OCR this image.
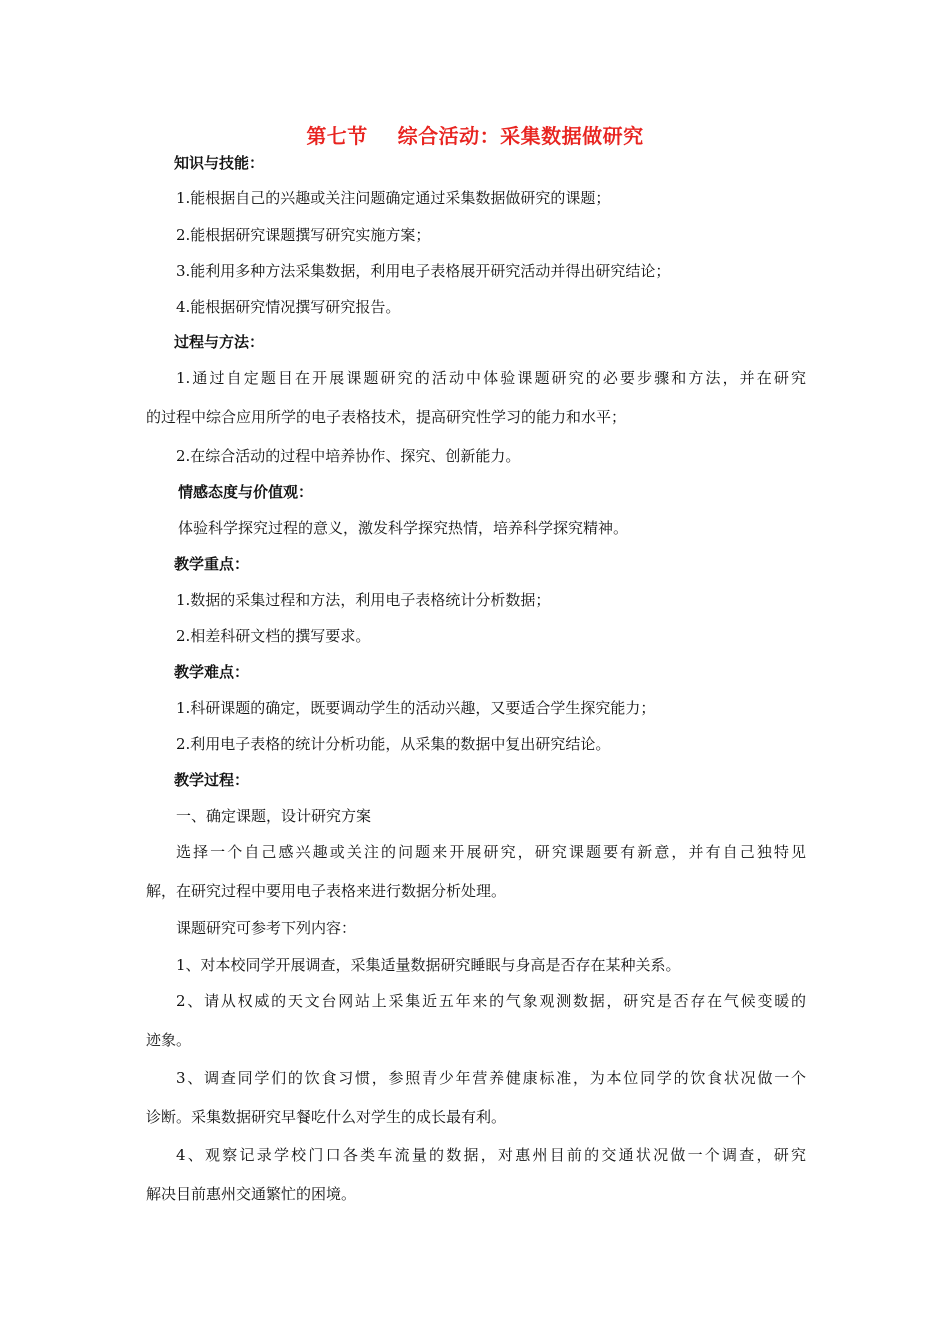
第七节    综合活动：采集数据做研究
知识与技能：
1.能根据自己的兴趣或关注问题确定通过采集数据做研究的课题；
2.能根据研究课题撰写研究实施方案；
3.能利用多种方法采集数据，利用电子表格展开研究活动并得出研究结论；
4.能根据研究情况撰写研究报告。
过程与方法：
1.通过自定题目在开展课题研究的活动中体验课题研究的必要步骤和方法，并在研究
的过程中综合应用所学的电子表格技术，提高研究性学习的能力和水平；
2.在综合活动的过程中培养协作、探究、创新能力。
情感态度与价值观：
体验科学探究过程的意义，激发科学探究热情，培养科学探究精神。
教学重点：
1.数据的采集过程和方法，利用电子表格统计分析数据；
2.相差科研文档的撰写要求。
教学难点：
1.科研课题的确定，既要调动学生的活动兴趣，又要适合学生探究能力；
2.利用电子表格的统计分析功能，从采集的数据中复出研究结论。
教学过程：
一、确定课题，设计研究方案
选择一个自己感兴趣或关注的问题来开展研究，研究课题要有新意，并有自己独特见
解，在研究过程中要用电子表格来进行数据分析处理。
课题研究可参考下列内容：
1、对本校同学开展调查，采集适量数据研究睡眠与身高是否存在某种关系。
2、请从权威的天文台网站上采集近五年来的气象观测数据，研究是否存在气候变暖的
迹象。
3、调查同学们的饮食习惯，参照青少年营养健康标准，为本位同学的饮食状况做一个
诊断。采集数据研究早餐吃什么对学生的成长最有利。
4、观察记录学校门口各类车流量的数据，对惠州目前的交通状况做一个调查，研究
解决目前惠州交通繁忙的困境。
